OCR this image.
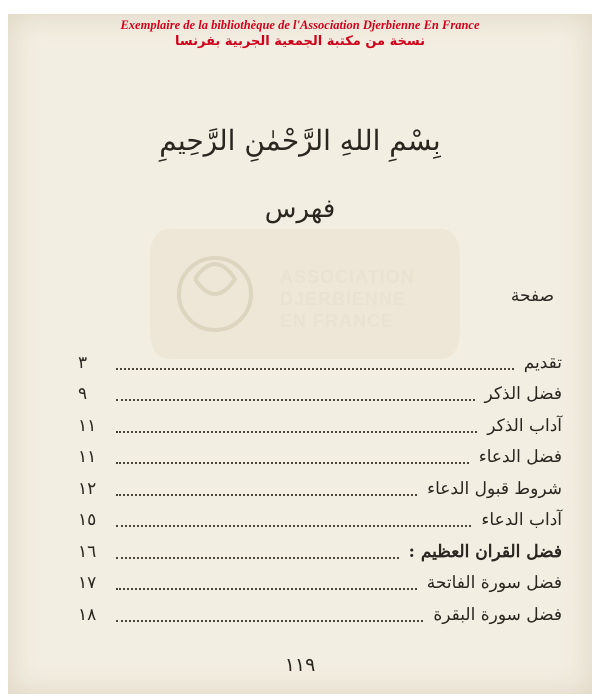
Exemplaire de la bibliothèque de l'Association Djerbienne En France
نسخة من مكتبة الجمعية الجربية بفرنسا
ASSOCIATION
DJERBIENNE
EN FRANCE
بِسْمِ اللهِ الرَّحْمٰنِ الرَّحِيمِ
فهرس
صفحة
تقديم
٣
فضل الذكر
٩
آداب الذكر
١١
فضل الدعاء
١١
شروط قبول الدعاء
١٢
آداب الدعاء
١٥
فضل القران العظيم :
١٦
فضل سورة الفاتحة
١٧
فضل سورة البقرة
١٨
١١٩
